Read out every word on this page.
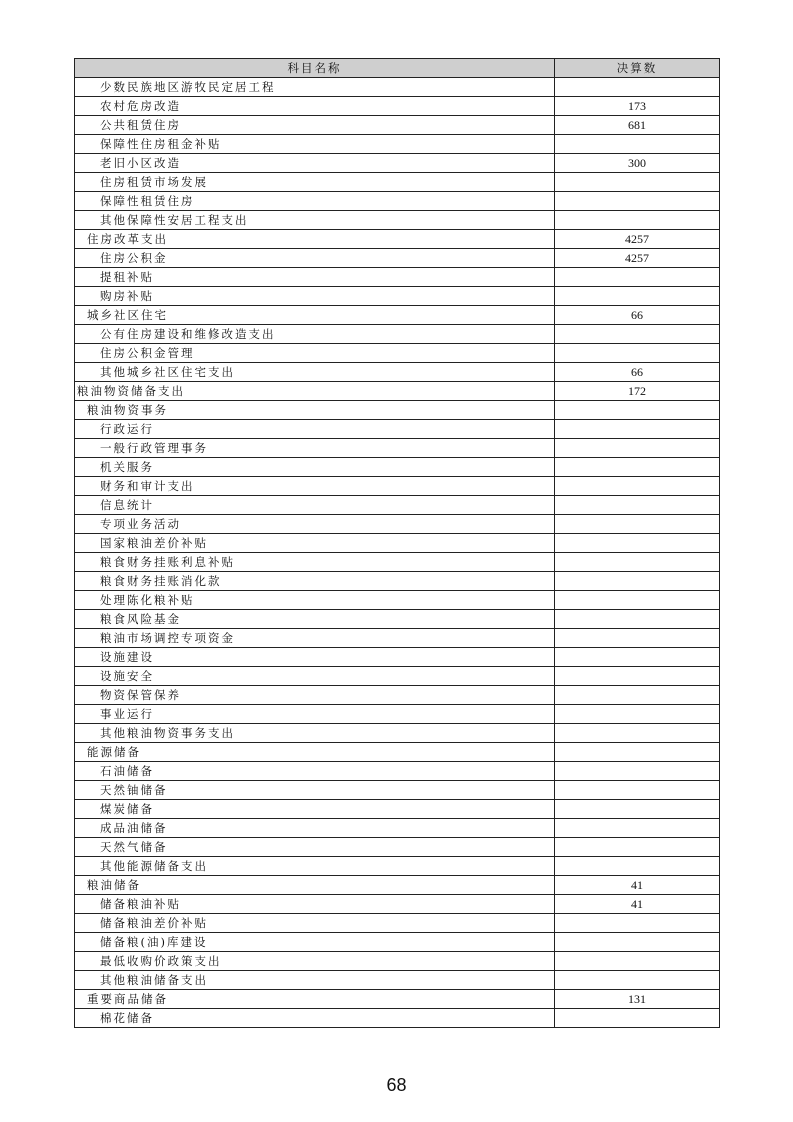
科目名称	决算数
少数民族地区游牧民定居工程	
农村危房改造	173
公共租赁住房	681
保障性住房租金补贴	
老旧小区改造	300
住房租赁市场发展	
保障性租赁住房	
其他保障性安居工程支出	
住房改革支出	4257
住房公积金	4257
提租补贴	
购房补贴	
城乡社区住宅	66
公有住房建设和维修改造支出	
住房公积金管理	
其他城乡社区住宅支出	66
粮油物资储备支出	172
粮油物资事务	
行政运行	
一般行政管理事务	
机关服务	
财务和审计支出	
信息统计	
专项业务活动	
国家粮油差价补贴	
粮食财务挂账利息补贴	
粮食财务挂账消化款	
处理陈化粮补贴	
粮食风险基金	
粮油市场调控专项资金	
设施建设	
设施安全	
物资保管保养	
事业运行	
其他粮油物资事务支出	
能源储备	
石油储备	
天然铀储备	
煤炭储备	
成品油储备	
天然气储备	
其他能源储备支出	
粮油储备	41
储备粮油补贴	41
储备粮油差价补贴	
储备粮(油)库建设	
最低收购价政策支出	
其他粮油储备支出	
重要商品储备	131
棉花储备	
68
